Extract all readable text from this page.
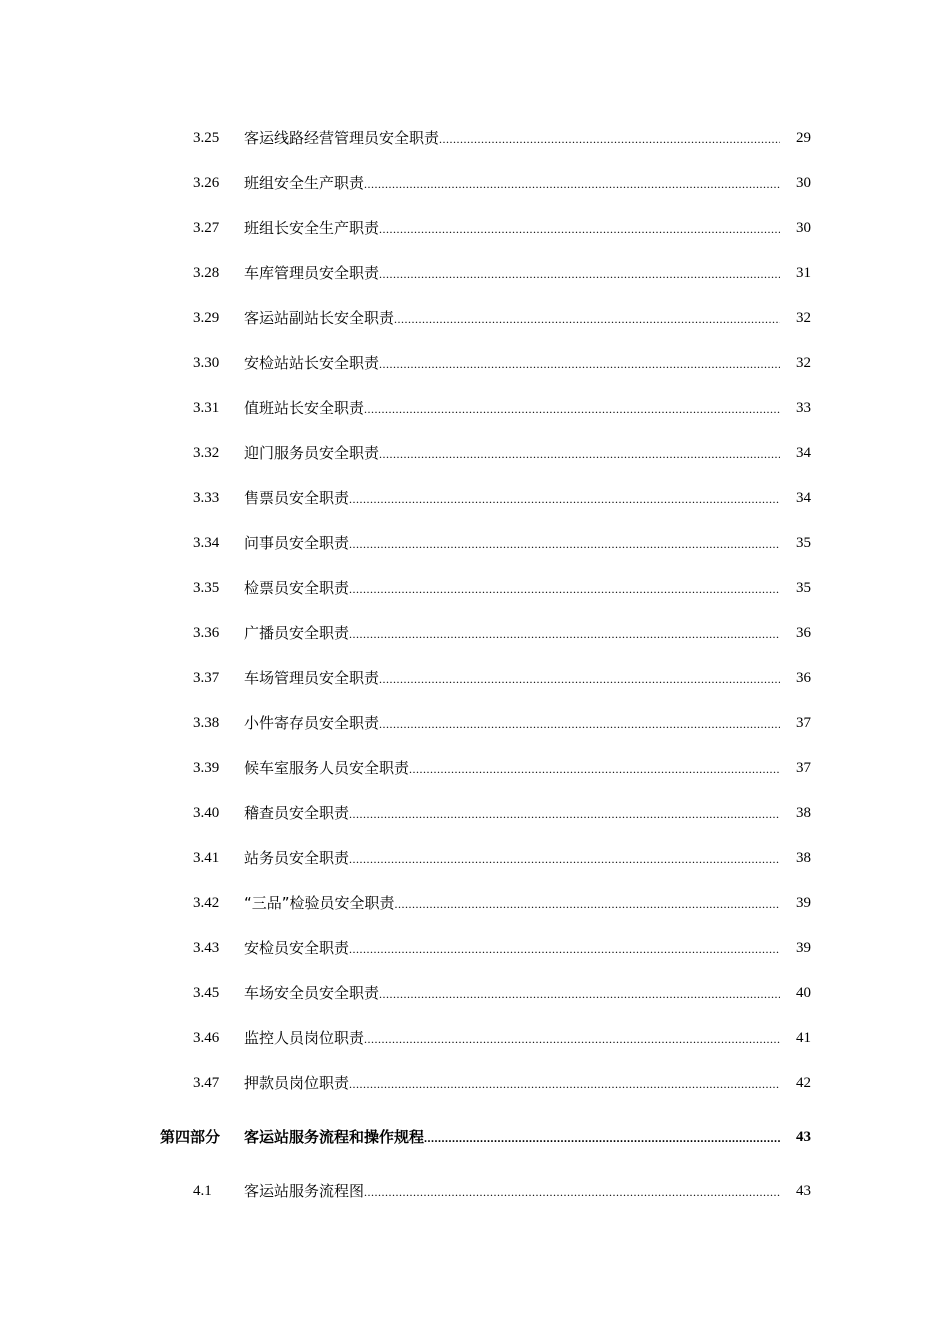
3.25	客运线路经营管理员安全职责 .....	29
3.26	班组安全生产职责 .....	30
3.27	班组长安全生产职责 .....	30
3.28	车库管理员安全职责 .....	31
3.29	客运站副站长安全职责 .....	32
3.30	安检站站长安全职责 .....	32
3.31	值班站长安全职责 .....	33
3.32	迎门服务员安全职责 .....	34
3.33	售票员安全职责 .....	34
3.34	问事员安全职责 .....	35
3.35	检票员安全职责 .....	35
3.36	广播员安全职责 .....	36
3.37	车场管理员安全职责 .....	36
3.38	小件寄存员安全职责 .....	37
3.39	候车室服务人员安全职责 .....	37
3.40	稽查员安全职责 .....	38
3.41	站务员安全职责 .....	38
3.42	“三品”检验员安全职责 .....	39
3.43	安检员安全职责 .....	39
3.45	车场安全员安全职责 .....	40
3.46	监控人员岗位职责 .....	41
3.47	押款员岗位职责 .....	42
第四部分	客运站服务流程和操作规程 .....	43
4.1	客运站服务流程图 .....	43
